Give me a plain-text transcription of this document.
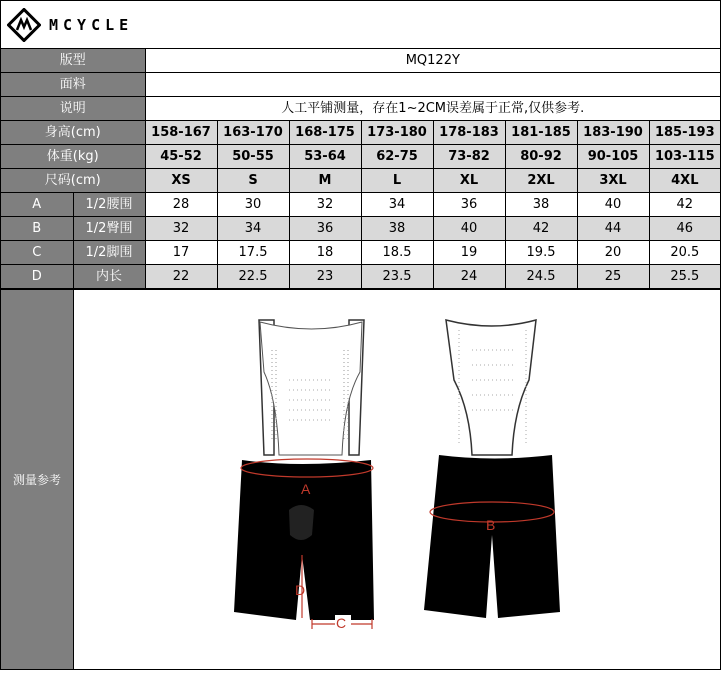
MCYCLE
版型		MQ122Y							
面料									
说明		人工平铺测量，存在1~2CM误差属于正常,仅供参考.							
身高(cm)		158-167	163-170	168-175	173-180	178-183	181-185	183-190	185-193
体重(kg)		45-52	50-55	53-64	62-75	73-82	80-92	90-105	103-115
尺码(cm)		XS	S	M	L	XL	2XL	3XL	4XL
A	1/2腰围	28	30	32	34	36	38	40	42
B	1/2臀围	32	34	36	38	40	42	44	46
C	1/2脚围	17	17.5	18	18.5	19	19.5	20	20.5
D	内长	22	22.5	23	23.5	24	24.5	25	25.5
测量参考
A
D
C
B
